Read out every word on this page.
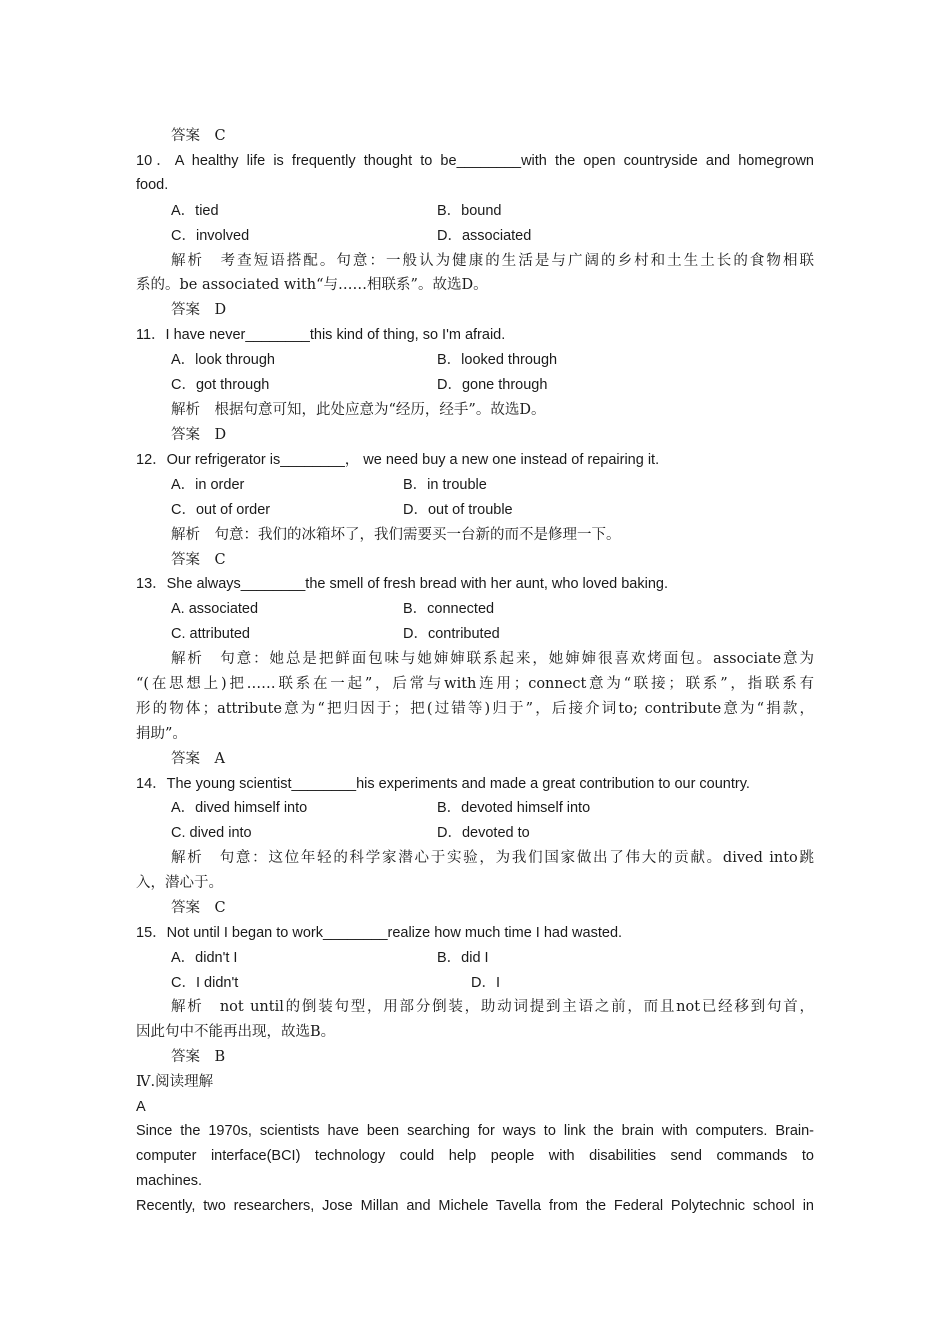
答案　C
10．A healthy life is frequently thought to be________with the open countryside and homegrown
food.
A．tied	B．bound
C．involved	D．associated
解析　考查短语搭配。句意：一般认为健康的生活是与广阔的乡村和土生土长的食物相联
系的。be associated with“与……相联系”。故选D。
答案　D
11．I have never________this kind of thing, so I'm afraid.
A．look through	B．looked through
C．got through	D．gone through
解析　根据句意可知，此处应意为“经历，经手”。故选D。
答案　D
12．Our refrigerator is________， we need buy a new one instead of repairing it.
A．in order	B．in trouble
C．out of order	D．out of trouble
解析　句意：我们的冰箱坏了，我们需要买一台新的而不是修理一下。
答案　C
13．She always________the smell of fresh bread with her aunt, who loved baking.
A. associated	B．connected
C. attributed	D．contributed
解析　句意：她总是把鲜面包味与她婶婶联系起来，她婶婶很喜欢烤面包。associate意为
“(在思想上)把……联系在一起”，后常与with连用；connect意为“联接；联系”，指联系有
形的物体；attribute意为“把归因于；把(过错等)归于”，后接介词to; contribute意为“捐款，
捐助”。
答案　A
14．The young scientist________his experiments and made a great contribution to our country.
A．dived himself into	B．devoted himself into
C. dived into	D．devoted to
解析　句意：这位年轻的科学家潜心于实验，为我们国家做出了伟大的贡献。dived into跳
入，潜心于。
答案　C
15．Not until I began to work________realize how much time I had wasted.
A．didn't I	B．did I
C．I didn't	D．I
解析　not until的倒装句型，用部分倒装，助动词提到主语之前，而且not已经移到句首，
因此句中不能再出现，故选B。
答案　B
Ⅳ.阅读理解
A
Since the 1970s, scientists have been searching for ways to link the brain with computers. Brain-
computer interface(BCI) technology could help people with disabilities send commands to
machines.
Recently, two researchers, Jose Millan and Michele Tavella from the Federal Polytechnic school in
